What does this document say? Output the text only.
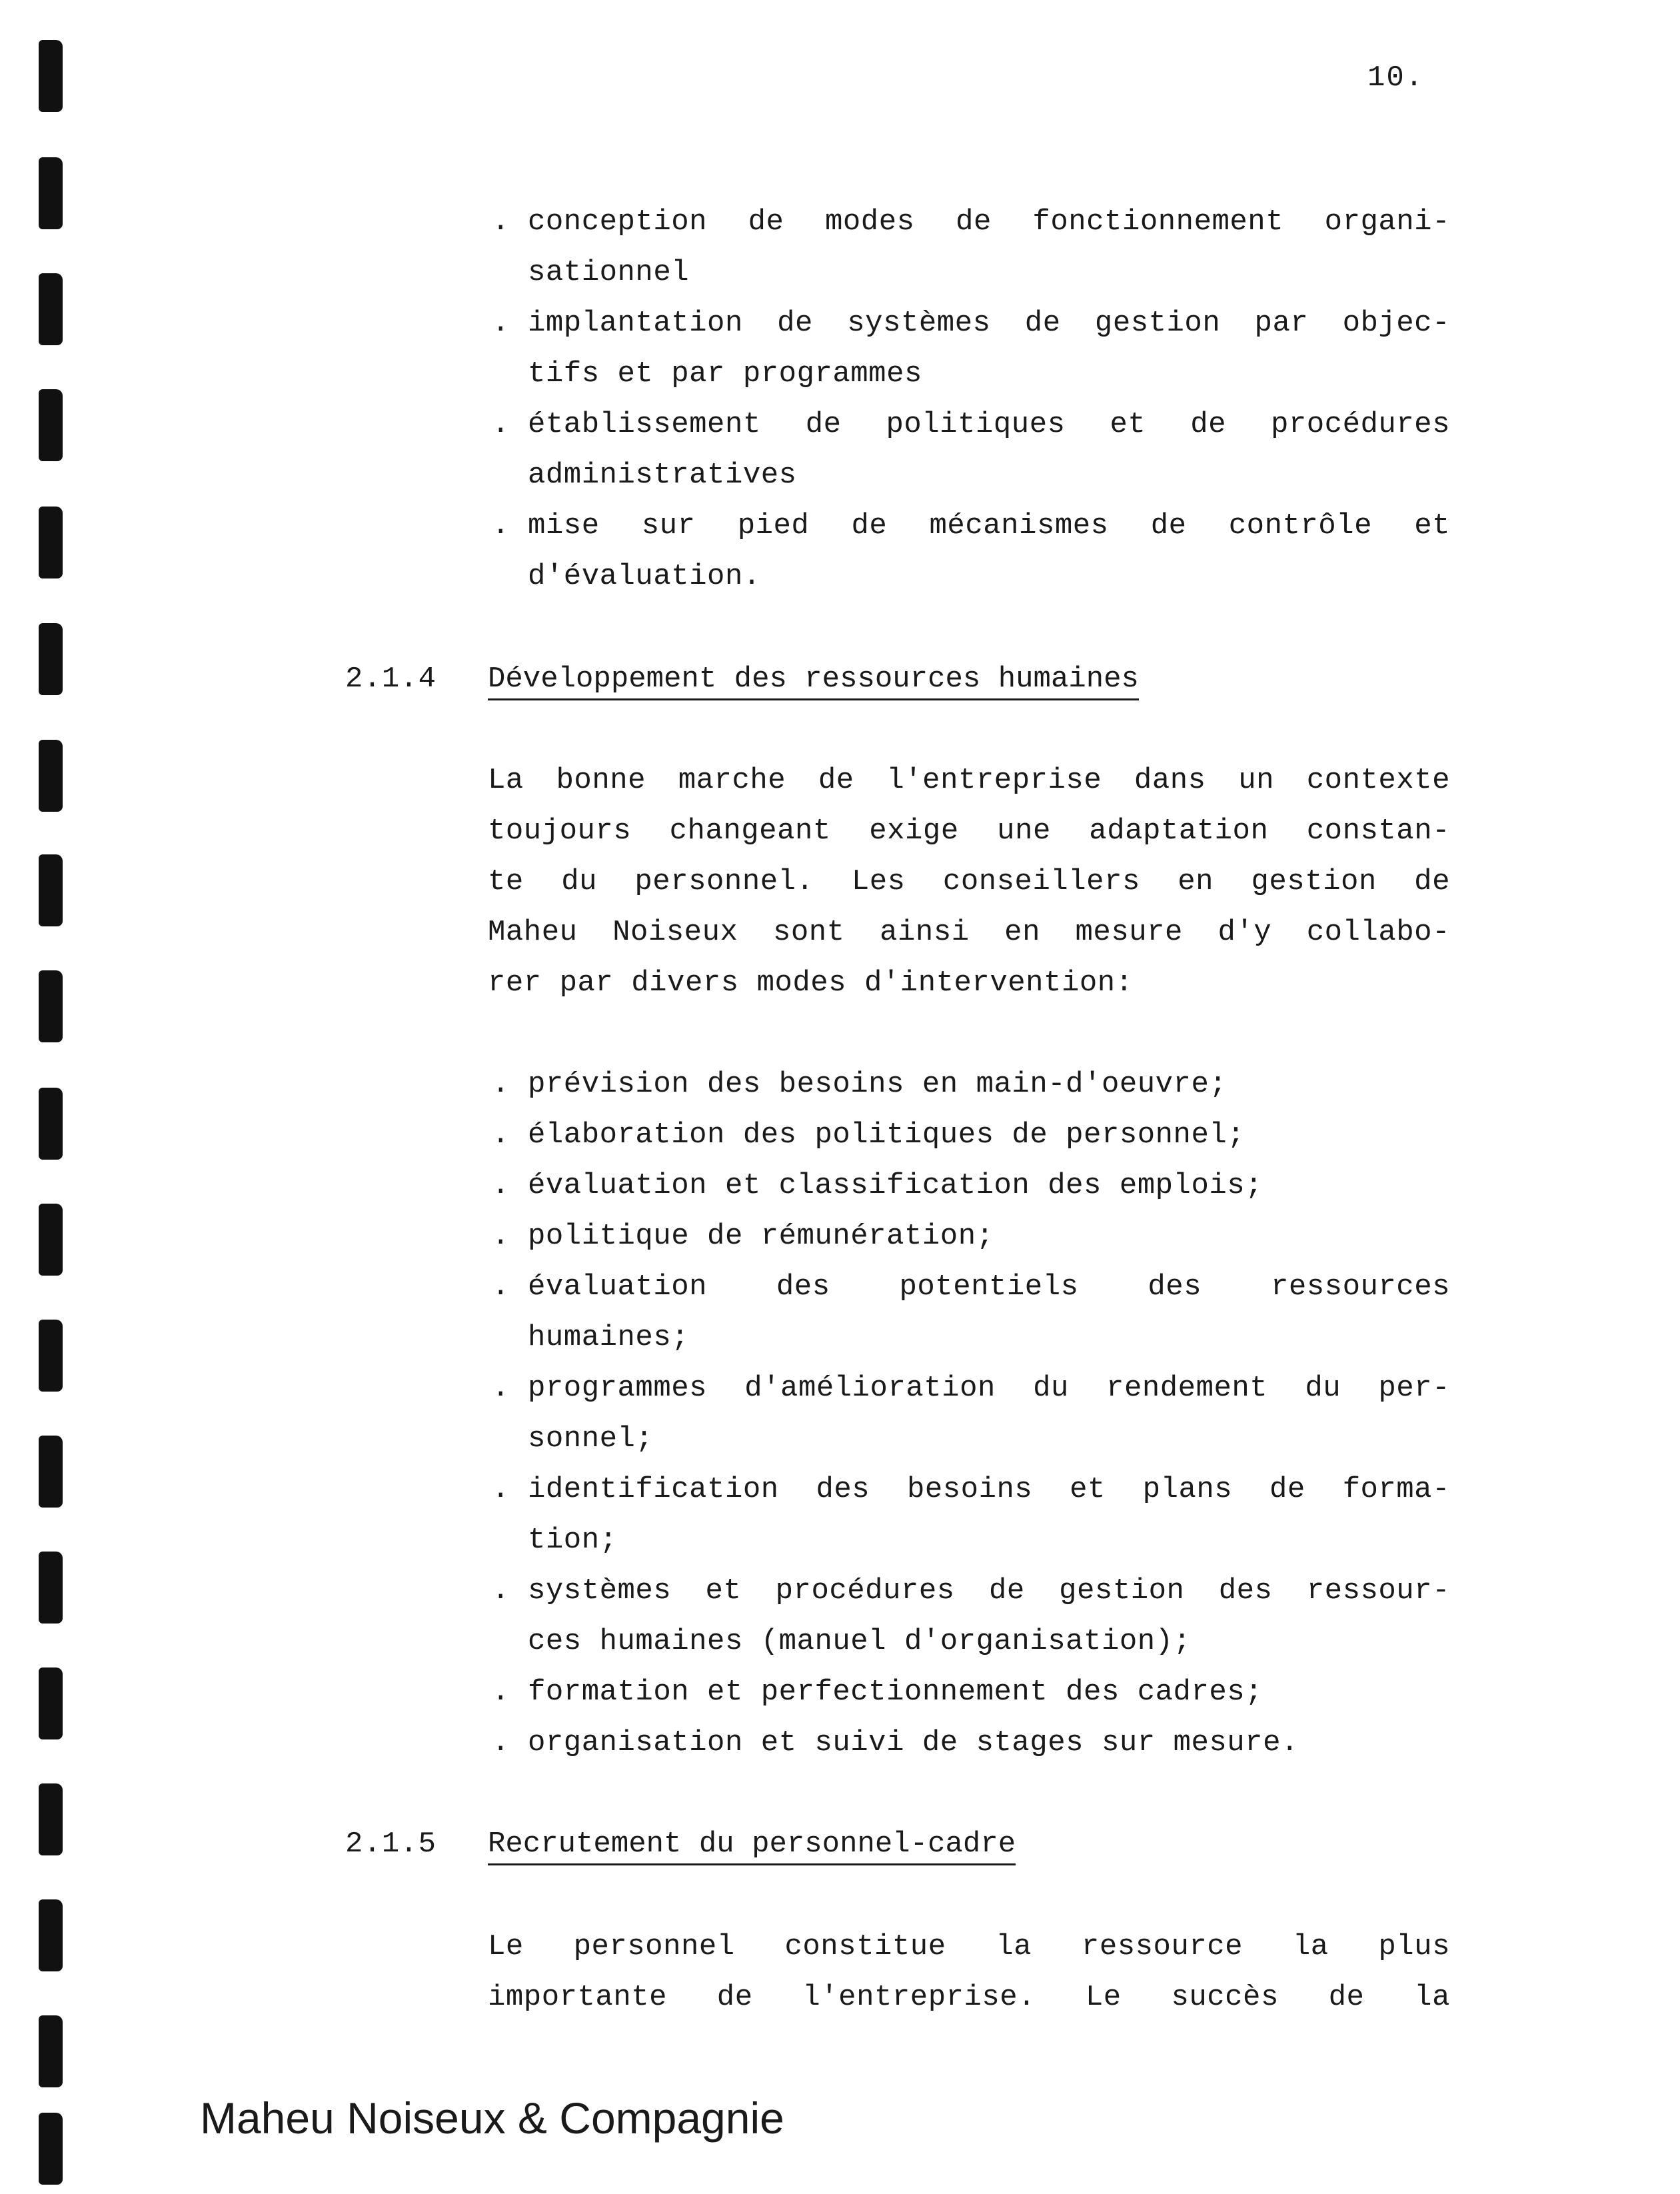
10.
. conception de modes de fonctionnement organi-
sationnel
. implantation de systèmes de gestion par objec-
tifs et par programmes
. établissement de politiques et de procédures
administratives
. mise sur pied de mécanismes de contrôle et
d'évaluation.
2.1.4 Développement des ressources humaines
La bonne marche de l'entreprise dans un contexte
toujours changeant exige une adaptation constan-
te du personnel. Les conseillers en gestion de
Maheu Noiseux sont ainsi en mesure d'y collabo-
rer par divers modes d'intervention:
. prévision des besoins en main-d'oeuvre;
. élaboration des politiques de personnel;
. évaluation et classification des emplois;
. politique de rémunération;
. évaluation des potentiels des ressources
humaines;
. programmes d'amélioration du rendement du per-
sonnel;
. identification des besoins et plans de forma-
tion;
. systèmes et procédures de gestion des ressour-
ces humaines (manuel d'organisation);
. formation et perfectionnement des cadres;
. organisation et suivi de stages sur mesure.
2.1.5 Recrutement du personnel-cadre
Le personnel constitue la ressource la plus
importante de l'entreprise. Le succès de la
Maheu Noiseux & Compagnie
